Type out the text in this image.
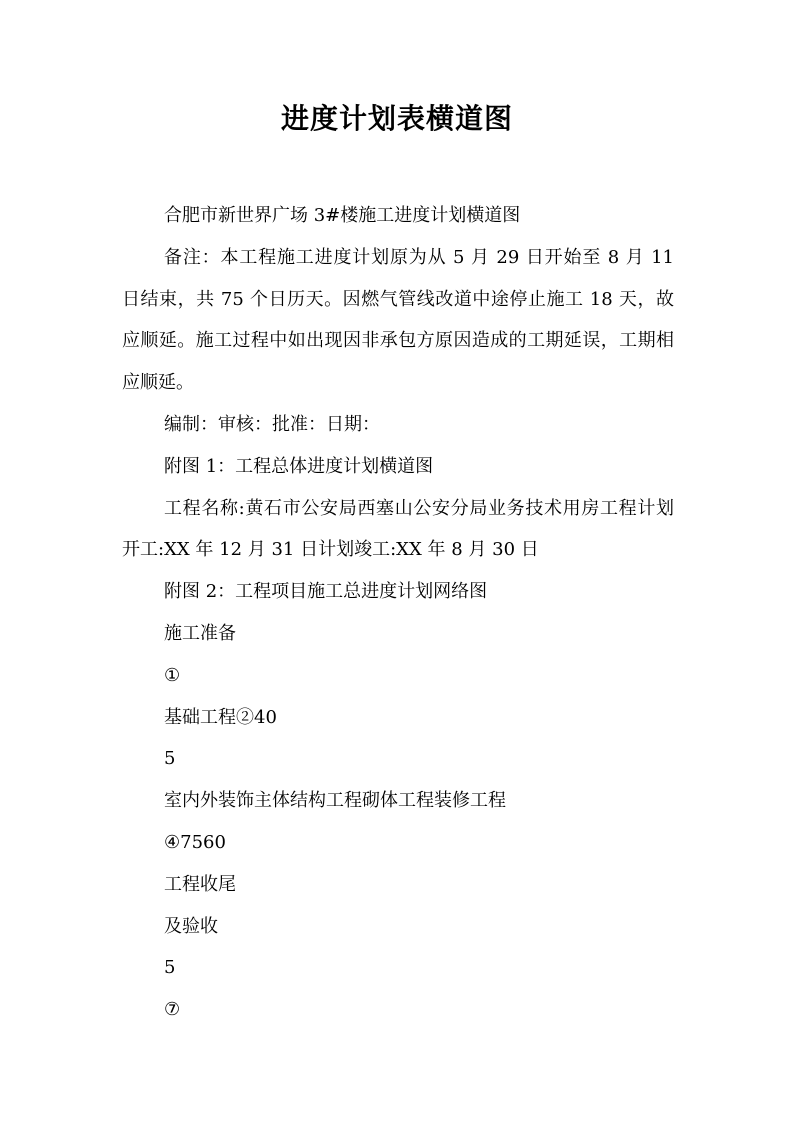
进度计划表横道图

合肥市新世界广场 3#楼施工进度计划横道图

备注：本工程施工进度计划原为从 5 月 29 日开始至 8 月 11 日结束，共 75 个日历天。因燃气管线改道中途停止施工 18 天，故应顺延。施工过程中如出现因非承包方原因造成的工期延误，工期相应顺延。

编制：审核：批准：日期：

附图 1：工程总体进度计划横道图

工程名称:黄石市公安局西塞山公安分局业务技术用房工程计划开工:XX 年 12 月 31 日计划竣工:XX 年 8 月 30 日

附图 2：工程项目施工总进度计划网络图

施工准备

①

基础工程②40

5

室内外装饰主体结构工程砌体工程装修工程

④7560

工程收尾

及验收

5

⑦
